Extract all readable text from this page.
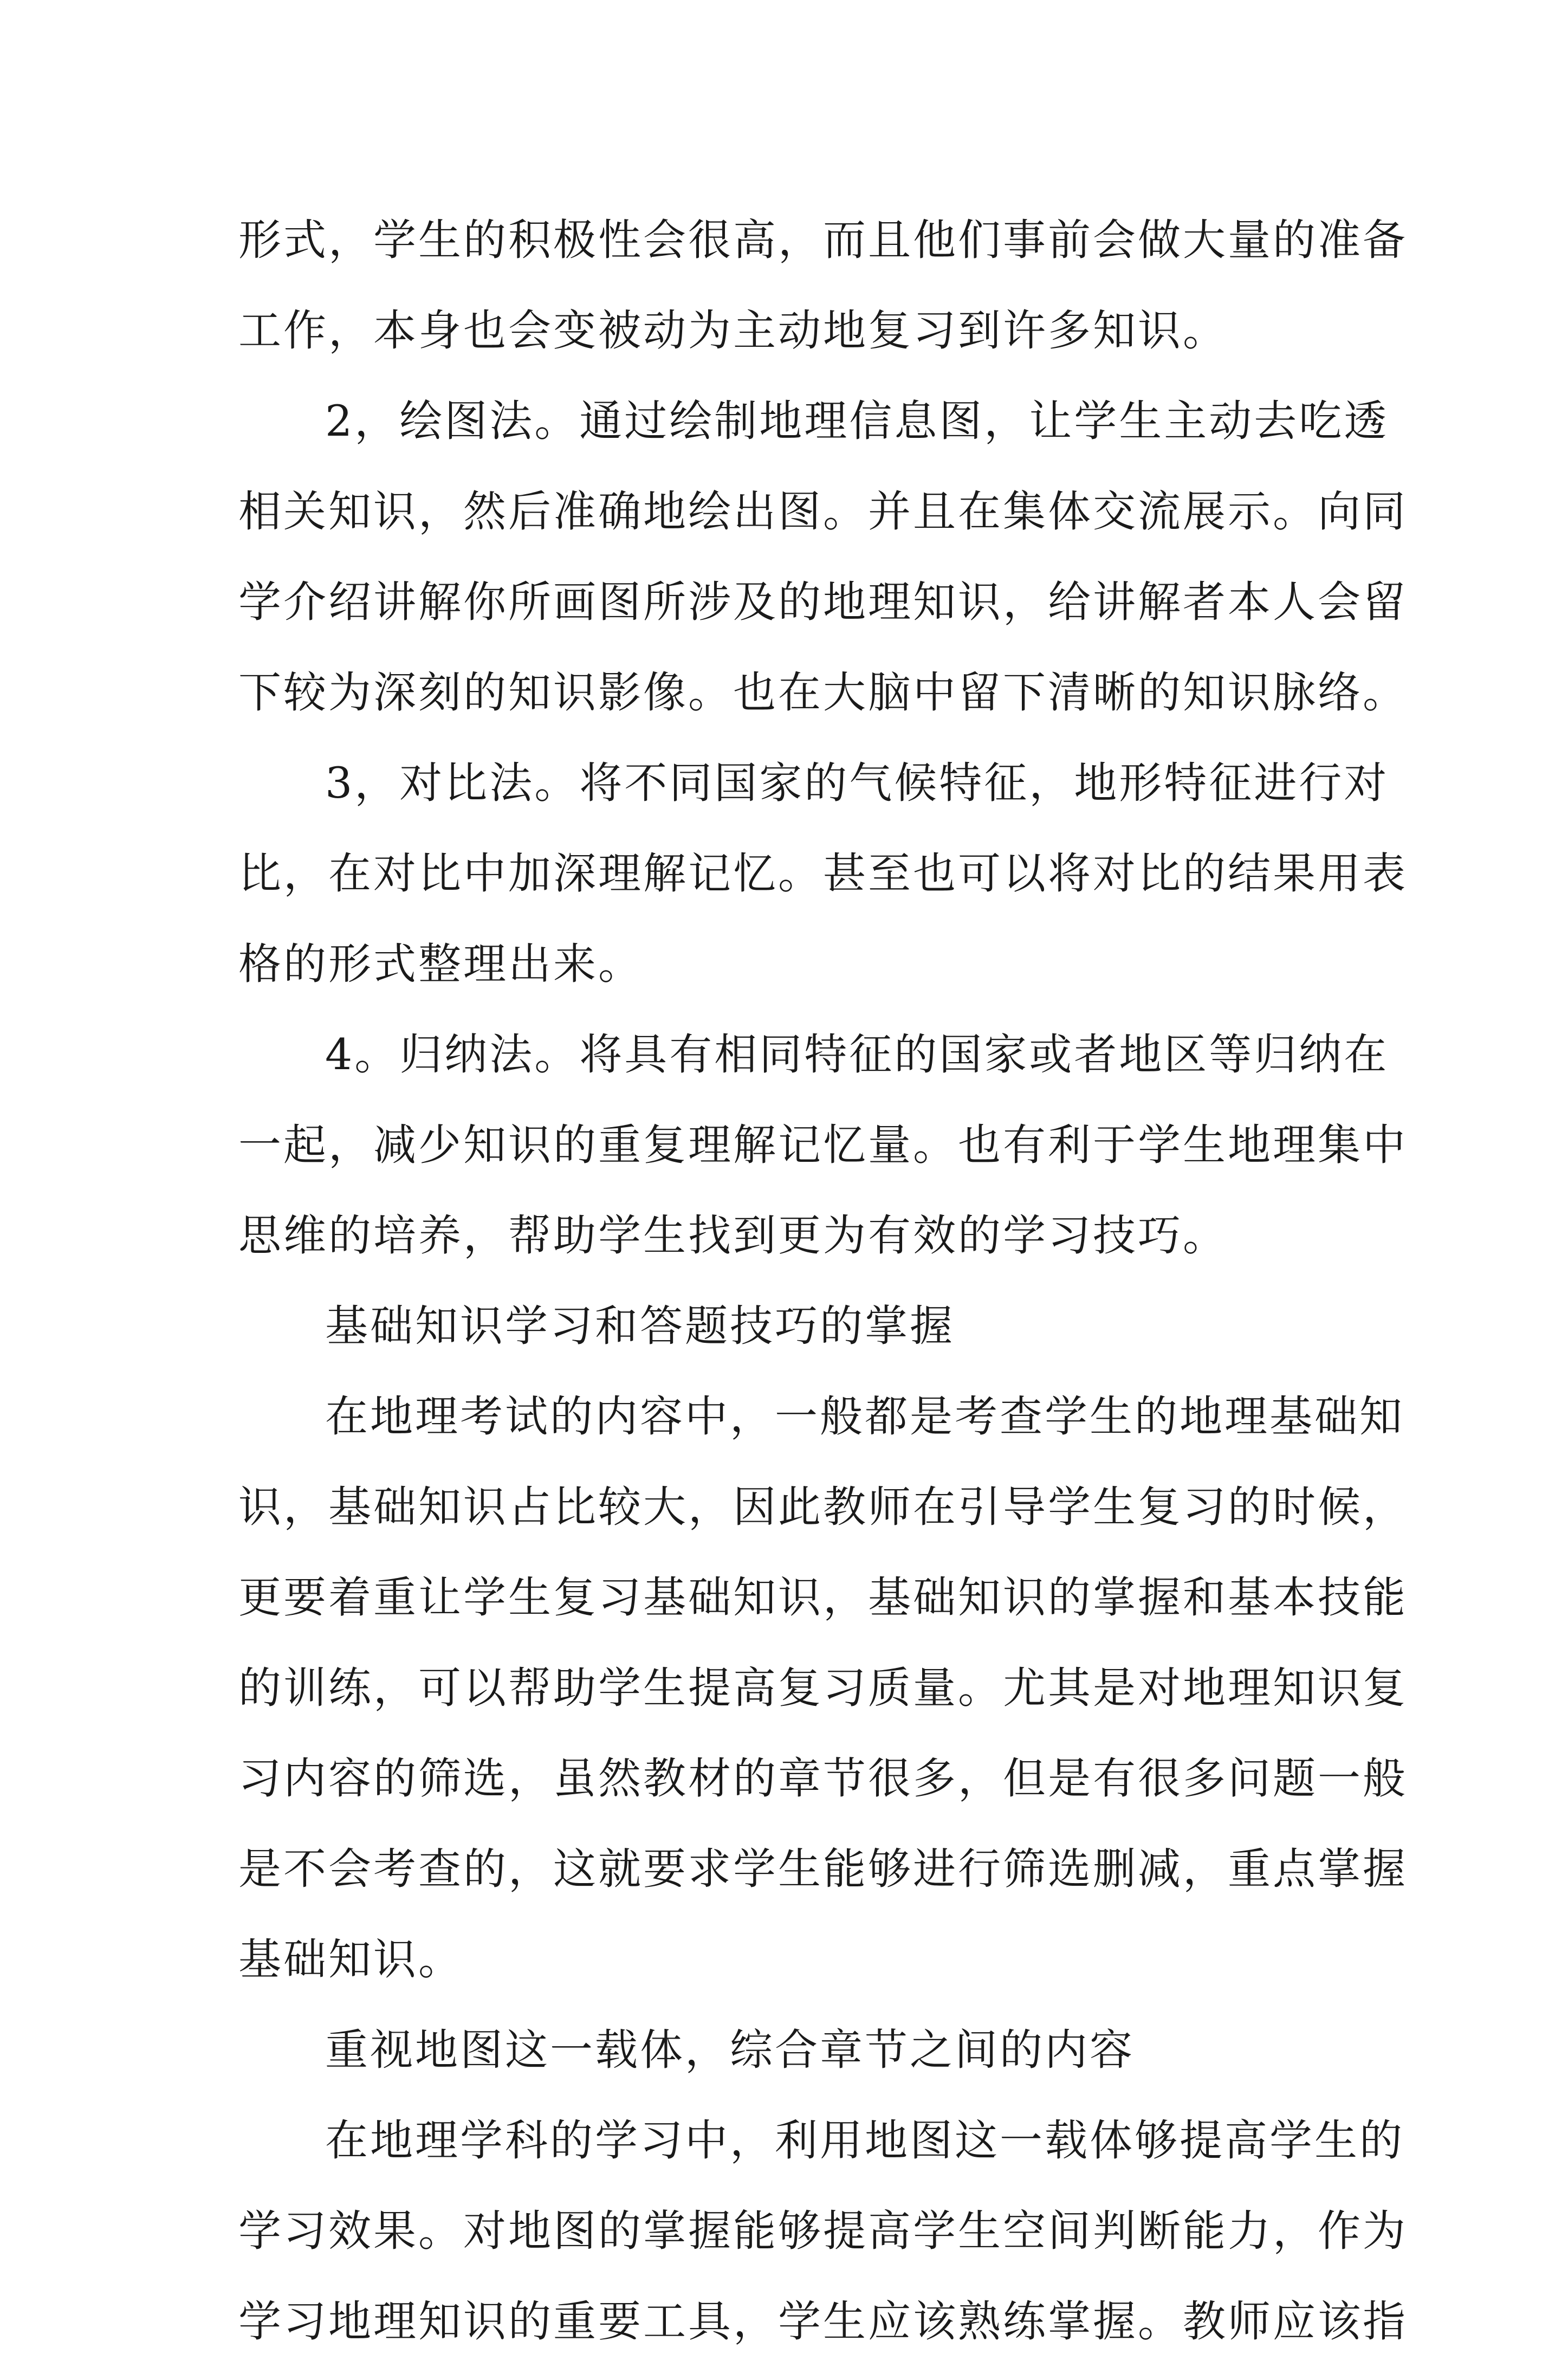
形式，学生的积极性会很高，而且他们事前会做大量的准备
工作，本身也会变被动为主动地复习到许多知识。
2，绘图法。通过绘制地理信息图，让学生主动去吃透
相关知识，然后准确地绘出图。并且在集体交流展示。向同
学介绍讲解你所画图所涉及的地理知识，给讲解者本人会留
下较为深刻的知识影像。也在大脑中留下清晰的知识脉络。
3，对比法。将不同国家的气候特征，地形特征进行对
比，在对比中加深理解记忆。甚至也可以将对比的结果用表
格的形式整理出来。
4。归纳法。将具有相同特征的国家或者地区等归纳在
一起，减少知识的重复理解记忆量。也有利于学生地理集中
思维的培养，帮助学生找到更为有效的学习技巧。
基础知识学习和答题技巧的掌握
在地理考试的内容中，一般都是考查学生的地理基础知
识，基础知识占比较大，因此教师在引导学生复习的时候，
更要着重让学生复习基础知识，基础知识的掌握和基本技能
的训练，可以帮助学生提高复习质量。尤其是对地理知识复
习内容的筛选，虽然教材的章节很多，但是有很多问题一般
是不会考查的，这就要求学生能够进行筛选删减，重点掌握
基础知识。
重视地图这一载体，综合章节之间的内容
在地理学科的学习中，利用地图这一载体够提高学生的
学习效果。对地图的掌握能够提高学生空间判断能力，作为
学习地理知识的重要工具，学生应该熟练掌握。教师应该指
